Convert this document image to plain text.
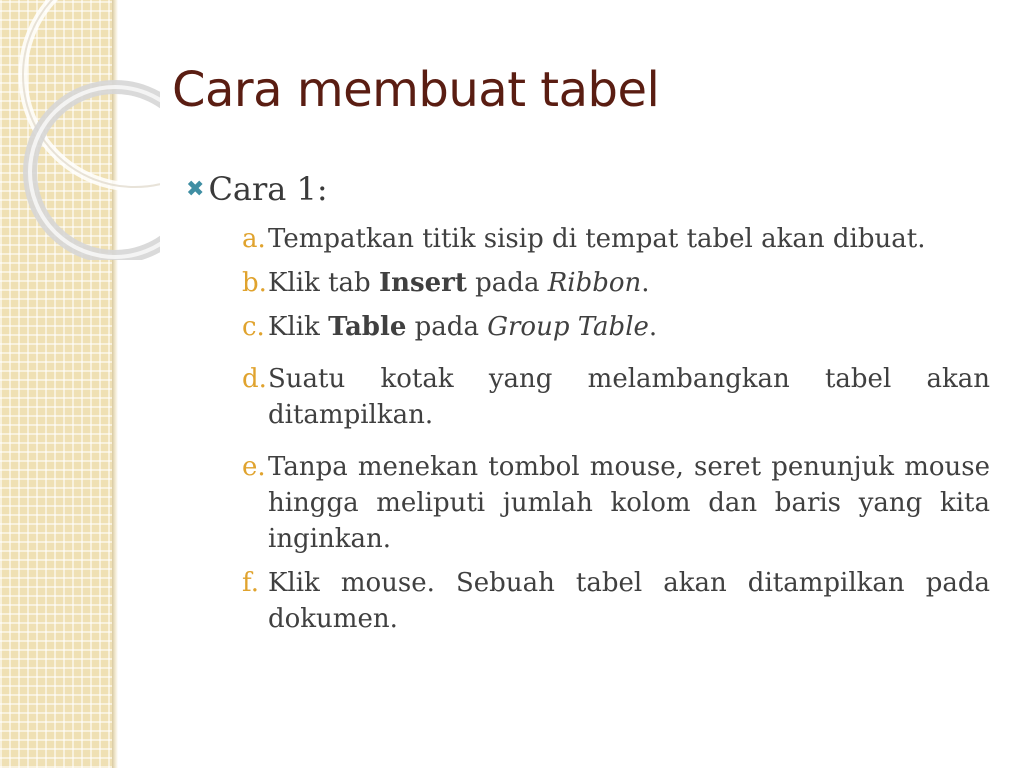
Cara membuat tabel
✖ Cara 1:
a. Tempatkan titik sisip di tempat tabel akan dibuat.
b. Klik tab Insert pada Ribbon.
c. Klik Table pada Group Table.
d. Suatu kotak yang melambangkan tabel akan ditampilkan.
e. Tanpa menekan tombol mouse, seret penunjuk mouse hingga meliputi jumlah kolom dan baris yang kita inginkan.
f. Klik mouse. Sebuah tabel akan ditampilkan pada dokumen.
